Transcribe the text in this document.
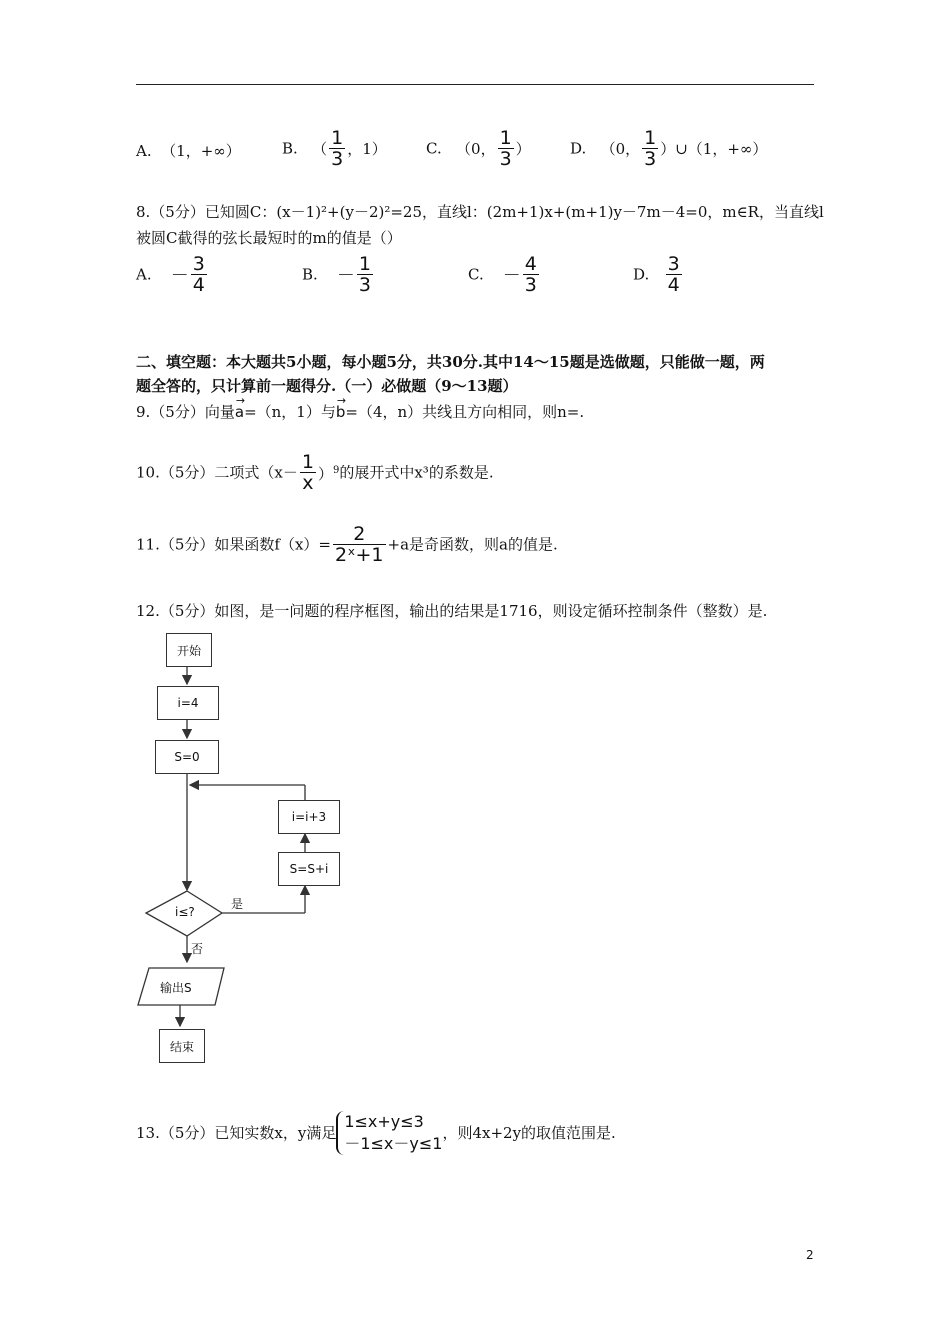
A. （1，+∞）	B. （ $\frac{1}{3}$ ，1）	C. （0， $\frac{1}{3}$ ）	D. （0， $\frac{1}{3}$ ）∪（1，+∞）
8.（5分）已知圆C：(x－1)²+(y－2)²=25，直线l：(2m+1)x+(m+1)y－7m－4=0，m∈R，当直线l
被圆C截得的弦长最短时的m的值是（）
A. － $\frac{3}{4}$	B. － $\frac{1}{3}$	C. － $\frac{4}{3}$	D. $\frac{3}{4}$
二、填空题：本大题共5小题，每小题5分，共30分.其中14～15题是选做题，只能做一题，两
题全答的，只计算前一题得分.（一）必做题（9～13题）
9.（5分）向量→ a=（n，1）与→ b=（4，n）共线且方向相同，则n=.
10.（5分）二项式$(x- \frac{1}{x} )^9$的展开式中x³的系数是.
11.（5分）如果函数$f(x)= \frac{2}{\text{2ˣ+1}} +a$是奇函数，则a的值是.
12.（5分）如图，是一问题的程序框图，输出的结果是1716，则设定循环控制条件（整数）是.
开始
i=4
S=0
i=i+3
S=S+i
i≤?
是
否
输出S
结束
13.（5分）已知实数x，y满足
1≤x+y≤3
－1≤x－y≤1
，则4x+2y的取值范围是.
2
